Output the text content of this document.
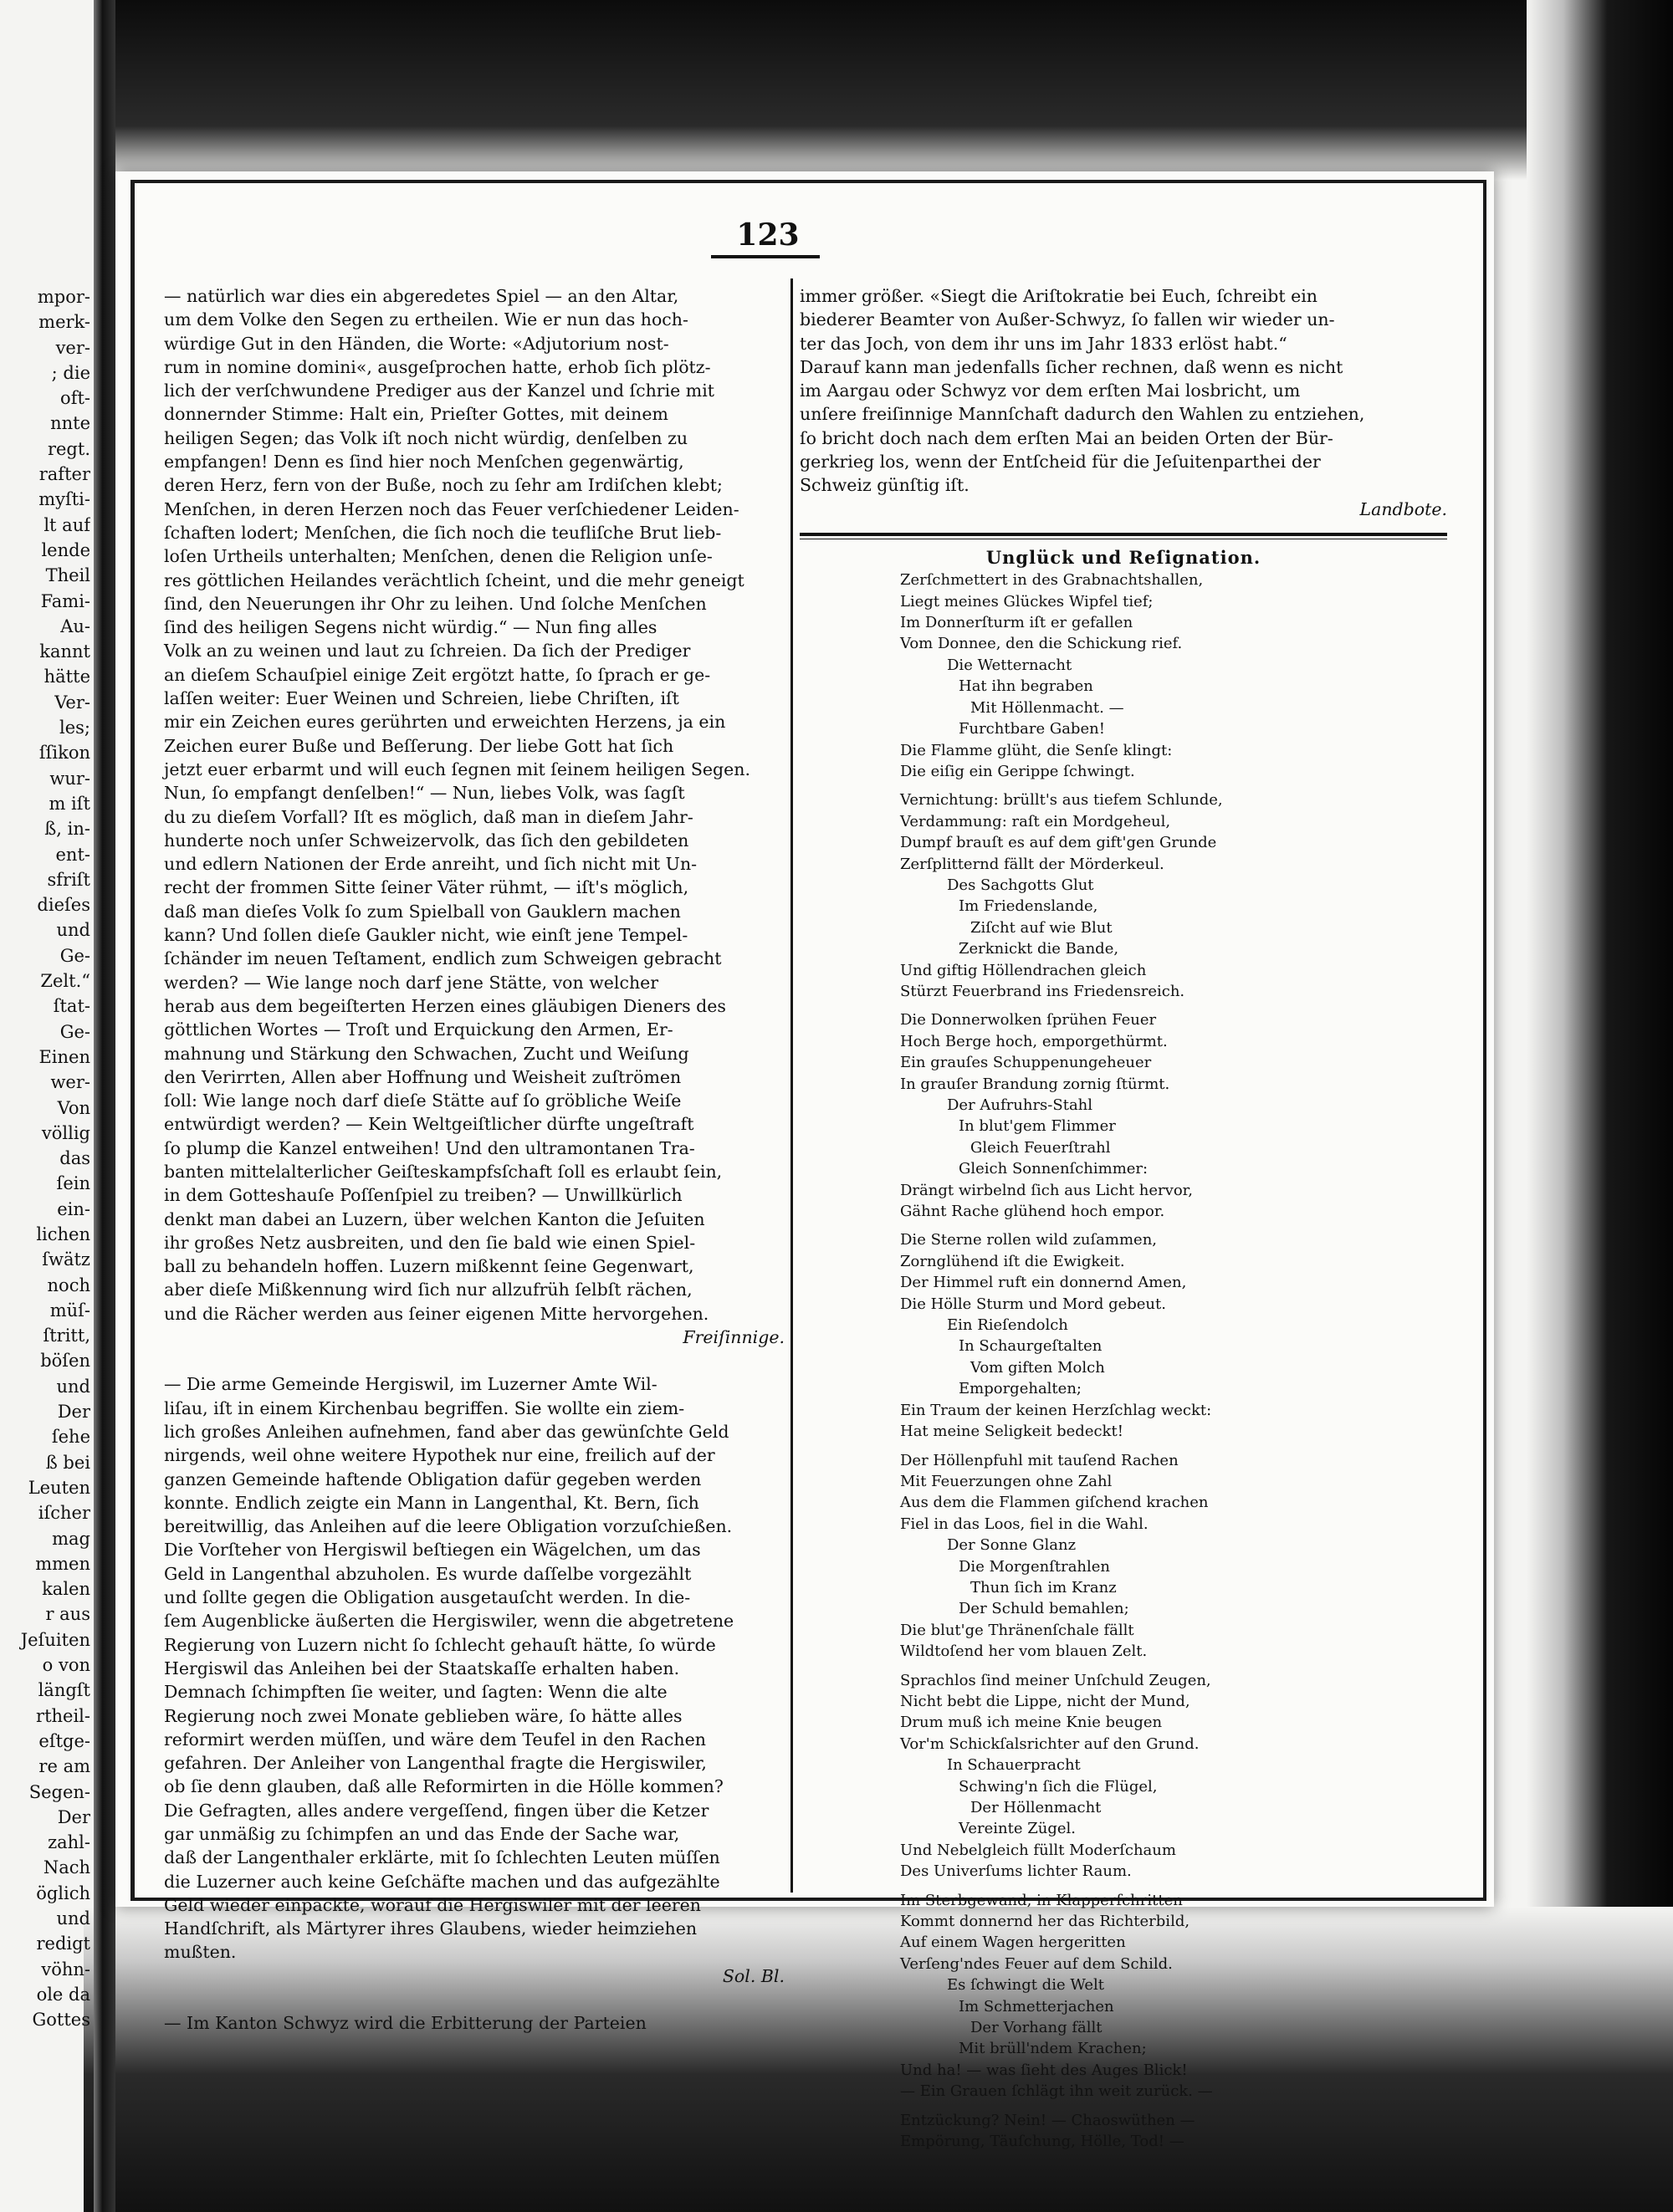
mpor-
merk-
ver-
; die
oft-
nnte
regt.
rafter
myſti-
lt auf
lende
Theil
Fami-
Au-
kannt
hätte
Ver-
les;
ſſikon
wur-
m iſt
ß, in-
ent-
sfriſt
dieſes
und
Ge-
Zelt.“
ſtat-
Ge-
Einen
wer-
Von
völlig
das
ſein
ein-
lichen
ſwätz
noch
müſ-
ſtritt,
böſen
und
Der
ſehe
ß bei
Leuten
iſcher
mag
mmen
kalen
r aus
Jeſuiten
o von
längſt
rtheil-
eſtge-
re am
Segen-
Der
zahl-
Nach
öglich
und
redigt
vöhn-
ole da
Gottes
123

— natürlich war dies ein abgeredetes Spiel — an den Altar,
um dem Volke den Segen zu ertheilen. Wie er nun das hoch-
würdige Gut in den Händen, die Worte: «Adjutorium nost-
rum in nomine domini«, ausgeſprochen hatte, erhob ſich plötz-
lich der verſchwundene Prediger aus der Kanzel und ſchrie mit
donnernder Stimme: Halt ein, Prieſter Gottes, mit deinem
heiligen Segen; das Volk iſt noch nicht würdig, denſelben zu
empfangen! Denn es ſind hier noch Menſchen gegenwärtig,
deren Herz, fern von der Buße, noch zu ſehr am Irdiſchen klebt;
Menſchen, in deren Herzen noch das Feuer verſchiedener Leiden-
ſchaften lodert; Menſchen, die ſich noch die teufliſche Brut lieb-
loſen Urtheils unterhalten; Menſchen, denen die Religion unſe-
res göttlichen Heilandes verächtlich ſcheint, und die mehr geneigt
ſind, den Neuerungen ihr Ohr zu leihen. Und ſolche Menſchen
ſind des heiligen Segens nicht würdig.“ — Nun fing alles
Volk an zu weinen und laut zu ſchreien. Da ſich der Prediger
an dieſem Schauſpiel einige Zeit ergötzt hatte, ſo ſprach er ge-
laſſen weiter: Euer Weinen und Schreien, liebe Chriſten, iſt
mir ein Zeichen eures gerührten und erweichten Herzens, ja ein
Zeichen eurer Buße und Beſſerung. Der liebe Gott hat ſich
jetzt euer erbarmt und will euch ſegnen mit ſeinem heiligen Segen.
Nun, ſo empfangt denſelben!“ — Nun, liebes Volk, was ſagſt
du zu dieſem Vorfall? Iſt es möglich, daß man in dieſem Jahr-
hunderte noch unſer Schweizervolk, das ſich den gebildeten
und edlern Nationen der Erde anreiht, und ſich nicht mit Un-
recht der frommen Sitte ſeiner Väter rühmt, — iſt's möglich,
daß man dieſes Volk ſo zum Spielball von Gauklern machen
kann? Und ſollen dieſe Gaukler nicht, wie einſt jene Tempel-
ſchänder im neuen Teſtament, endlich zum Schweigen gebracht
werden? — Wie lange noch darf jene Stätte, von welcher
herab aus dem begeiſterten Herzen eines gläubigen Dieners des
göttlichen Wortes — Troſt und Erquickung den Armen, Er-
mahnung und Stärkung den Schwachen, Zucht und Weiſung
den Verirrten, Allen aber Hoffnung und Weisheit zuſtrömen
ſoll: Wie lange noch darf dieſe Stätte auf ſo gröbliche Weiſe
entwürdigt werden? — Kein Weltgeiſtlicher dürfte ungeſtraft
ſo plump die Kanzel entweihen! Und den ultramontanen Tra-
banten mittelalterlicher Geiſteskampfsſchaft ſoll es erlaubt ſein,
in dem Gotteshauſe Poſſenſpiel zu treiben? — Unwillkürlich
denkt man dabei an Luzern, über welchen Kanton die Jeſuiten
ihr großes Netz ausbreiten, und den ſie bald wie einen Spiel-
ball zu behandeln hoffen. Luzern mißkennt ſeine Gegenwart,
aber dieſe Mißkennung wird ſich nur allzufrüh ſelbſt rächen,
und die Rächer werden aus ſeiner eigenen Mitte hervorgehen.

Freiſinnige.

— Die arme Gemeinde Hergiswil, im Luzerner Amte Wil-
liſau, iſt in einem Kirchenbau begriffen. Sie wollte ein ziem-
lich großes Anleihen aufnehmen, fand aber das gewünſchte Geld
nirgends, weil ohne weitere Hypothek nur eine, freilich auf der
ganzen Gemeinde haftende Obligation dafür gegeben werden
konnte. Endlich zeigte ein Mann in Langenthal, Kt. Bern, ſich
bereitwillig, das Anleihen auf die leere Obligation vorzuſchießen.
Die Vorſteher von Hergiswil beſtiegen ein Wägelchen, um das
Geld in Langenthal abzuholen. Es wurde daſſelbe vorgezählt
und ſollte gegen die Obligation ausgetauſcht werden. In die-
ſem Augenblicke äußerten die Hergiswiler, wenn die abgetretene
Regierung von Luzern nicht ſo ſchlecht gehauſt hätte, ſo würde
Hergiswil das Anleihen bei der Staatskaſſe erhalten haben.
Demnach ſchimpften ſie weiter, und ſagten: Wenn die alte
Regierung noch zwei Monate geblieben wäre, ſo hätte alles
reformirt werden müſſen, und wäre dem Teufel in den Rachen
gefahren. Der Anleiher von Langenthal fragte die Hergiswiler,
ob ſie denn glauben, daß alle Reformirten in die Hölle kommen?
Die Gefragten, alles andere vergeſſend, fingen über die Ketzer
gar unmäßig zu ſchimpfen an und das Ende der Sache war,
daß der Langenthaler erklärte, mit ſo ſchlechten Leuten müſſen
die Luzerner auch keine Geſchäfte machen und das aufgezählte
Geld wieder einpackte, worauf die Hergiswiler mit der leeren
Handſchrift, als Märtyrer ihres Glaubens, wieder heimziehen
mußten.

Sol. Bl.

— Im Kanton Schwyz wird die Erbitterung der Parteien

immer größer. «Siegt die Ariſtokratie bei Euch, ſchreibt ein
biederer Beamter von Außer-Schwyz, ſo fallen wir wieder un-
ter das Joch, von dem ihr uns im Jahr 1833 erlöst habt.“
Darauf kann man jedenfalls ſicher rechnen, daß wenn es nicht
im Aargau oder Schwyz vor dem erſten Mai losbricht, um
unſere freiſinnige Mannſchaft dadurch den Wahlen zu entziehen,
ſo bricht doch nach dem erſten Mai an beiden Orten der Bür-
gerkrieg los, wenn der Entſcheid für die Jeſuitenparthei der
Schweiz günſtig iſt.

Landbote.
Unglück und Reſignation.
Zerſchmettert in des Grabnachtshallen,
Liegt meines Glückes Wipfel tief;
Im Donnerſturm iſt er gefallen
Vom Donnee, den die Schickung rief.
Die Wetternacht
Hat ihn begraben
Mit Höllenmacht. —
Furchtbare Gaben!
Die Flamme glüht, die Senſe klingt:
Die eiſig ein Gerippe ſchwingt.
Vernichtung: brüllt's aus tiefem Schlunde,
Verdammung: raſt ein Mordgeheul,
Dumpf brauſt es auf dem gift'gen Grunde
Zerſplitternd fällt der Mörderkeul.
Des Sachgotts Glut
Im Friedenslande,
Ziſcht auf wie Blut
Zerknickt die Bande,
Und giftig Höllendrachen gleich
Stürzt Feuerbrand ins Friedensreich.
Die Donnerwolken ſprühen Feuer
Hoch Berge hoch, emporgethürmt.
Ein grauſes Schuppenungeheuer
In grauſer Brandung zornig ſtürmt.
Der Aufruhrs-Stahl
In blut'gem Flimmer
Gleich Feuerſtrahl
Gleich Sonnenſchimmer:
Drängt wirbelnd ſich aus Licht hervor,
Gähnt Rache glühend hoch empor.
Die Sterne rollen wild zuſammen,
Zornglühend iſt die Ewigkeit.
Der Himmel ruft ein donnernd Amen,
Die Hölle Sturm und Mord gebeut.
Ein Rieſendolch
In Schaurgeſtalten
Vom giften Molch
Emporgehalten;
Ein Traum der keinen Herzſchlag weckt:
Hat meine Seligkeit bedeckt!
Der Höllenpfuhl mit tauſend Rachen
Mit Feuerzungen ohne Zahl
Aus dem die Flammen giſchend krachen
Fiel in das Loos, fiel in die Wahl.
Der Sonne Glanz
Die Morgenſtrahlen
Thun ſich im Kranz
Der Schuld bemahlen;
Die blut'ge Thränenſchale fällt
Wildtoſend her vom blauen Zelt.
Sprachlos ſind meiner Unſchuld Zeugen,
Nicht bebt die Lippe, nicht der Mund,
Drum muß ich meine Knie beugen
Vor'm Schickſalsrichter auf den Grund.
In Schauerpracht
Schwing'n ſich die Flügel,
Der Höllenmacht
Vereinte Zügel.
Und Nebelgleich füllt Moderſchaum
Des Univerſums lichter Raum.
Im Sterbgewand, in Klapperſchritten
Kommt donnernd her das Richterbild,
Auf einem Wagen hergeritten
Verſeng'ndes Feuer auf dem Schild.
Es ſchwingt die Welt
Im Schmetterjachen
Der Vorhang fällt
Mit brüll'ndem Krachen;
Und ha! — was ſieht des Auges Blick!
— Ein Grauen ſchlägt ihn weit zurück. —
Entzückung? Nein! — Chaoswüthen —
Empörung, Täuſchung, Hölle, Tod! —
